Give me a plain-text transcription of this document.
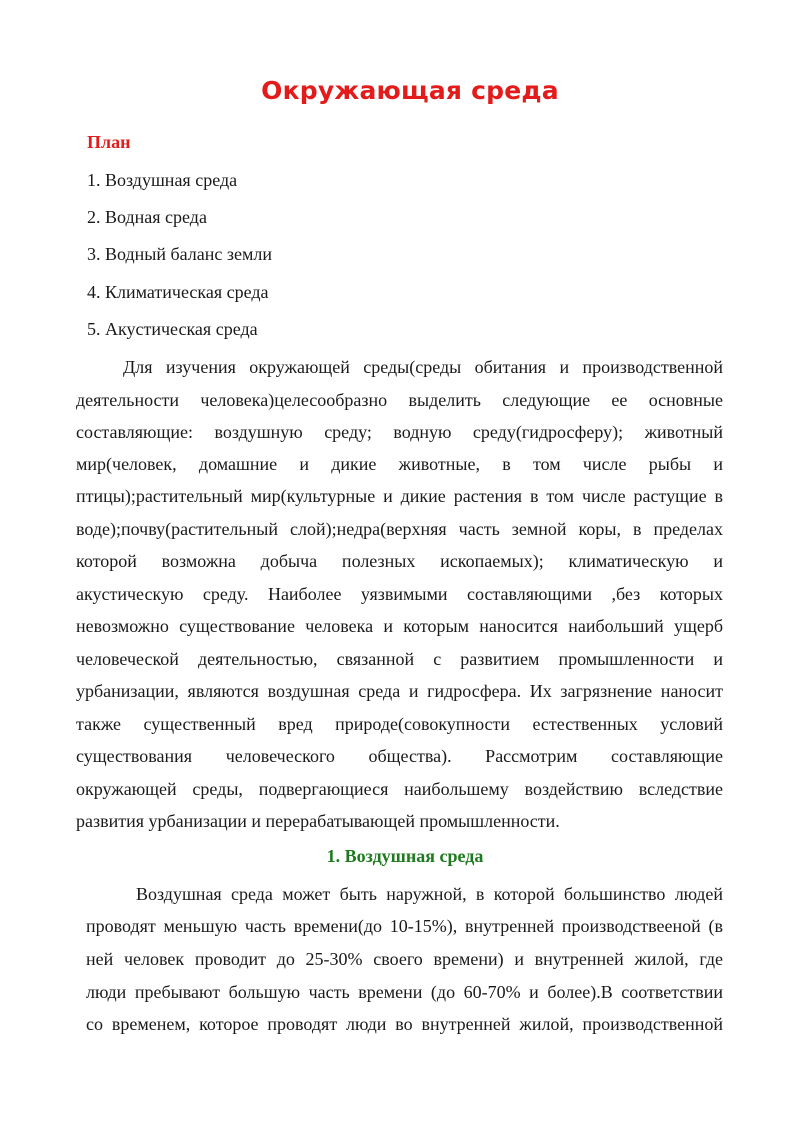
Окружающая среда
План
1. Воздушная среда
2. Водная среда
3. Водный баланс земли
4. Климатическая среда
5. Акустическая среда
Для изучения окружающей среды(среды обитания и производственной
деятельности человека)целесообразно выделить следующие ее основные
составляющие: воздушную среду; водную среду(гидросферу); животный
мир(человек, домашние и дикие животные, в том числе рыбы и
птицы);растительный мир(культурные и дикие растения в том числе растущие в
воде);почву(растительный слой);недра(верхняя часть земной коры, в пределах
которой возможна добыча полезных ископаемых); климатическую и
акустическую среду. Наиболее уязвимыми составляющими ,без которых
невозможно существование человека и которым наносится наибольший ущерб
человеческой деятельностью, связанной с развитием промышленности и
урбанизации, являются воздушная среда и гидросфера. Их загрязнение наносит
также существенный вред природе(совокупности естественных условий
существования человеческого общества). Рассмотрим составляющие
окружающей среды, подвергающиеся наибольшему воздействию вследствие
развития урбанизации и перерабатывающей промышленности.
1. Воздушная среда
Воздушная среда может быть наружной, в которой большинство людей
проводят меньшую часть времени(до 10-15%), внутренней производствееной (в
ней человек проводит до 25-30% своего времени) и внутренней жилой, где
люди пребывают большую часть времени (до 60-70% и более).В соответствии
со временем, которое проводят люди во внутренней жилой, производственной
